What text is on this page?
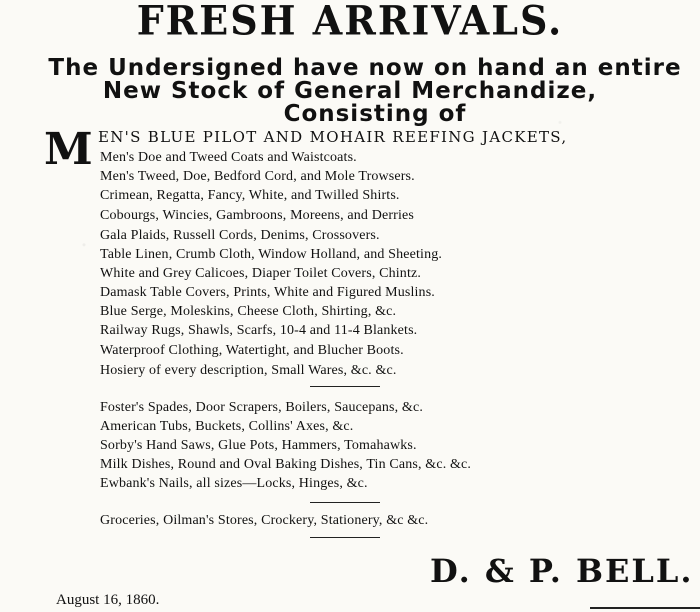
FRESH ARRIVALS.
The Undersigned have now on hand an entire
New Stock of General Merchandize,
Consisting of
M EN'S BLUE PILOT AND MOHAIR REEFING JACKETS,
Men's Doe and Tweed Coats and Waistcoats.
Men's Tweed, Doe, Bedford Cord, and Mole Trowsers.
Crimean, Regatta, Fancy, White, and Twilled Shirts.
Cobourgs, Wincies, Gambroons, Moreens, and Derries
Gala Plaids, Russell Cords, Denims, Crossovers.
Table Linen, Crumb Cloth, Window Holland, and Sheeting.
White and Grey Calicoes, Diaper Toilet Covers, Chintz.
Damask Table Covers, Prints, White and Figured Muslins.
Blue Serge, Moleskins, Cheese Cloth, Shirting, &c.
Railway Rugs, Shawls, Scarfs, 10-4 and 11-4 Blankets.
Waterproof Clothing, Watertight, and Blucher Boots.
Hosiery of every description, Small Wares, &c. &c.
Foster's Spades, Door Scrapers, Boilers, Saucepans, &c.
American Tubs, Buckets, Collins' Axes, &c.
Sorby's Hand Saws, Glue Pots, Hammers, Tomahawks.
Milk Dishes, Round and Oval Baking Dishes, Tin Cans, &c. &c.
Ewbank's Nails, all sizes—Locks, Hinges, &c.
Groceries, Oilman's Stores, Crockery, Stationery, &c &c.
D. & P. BELL.
August 16, 1860.
